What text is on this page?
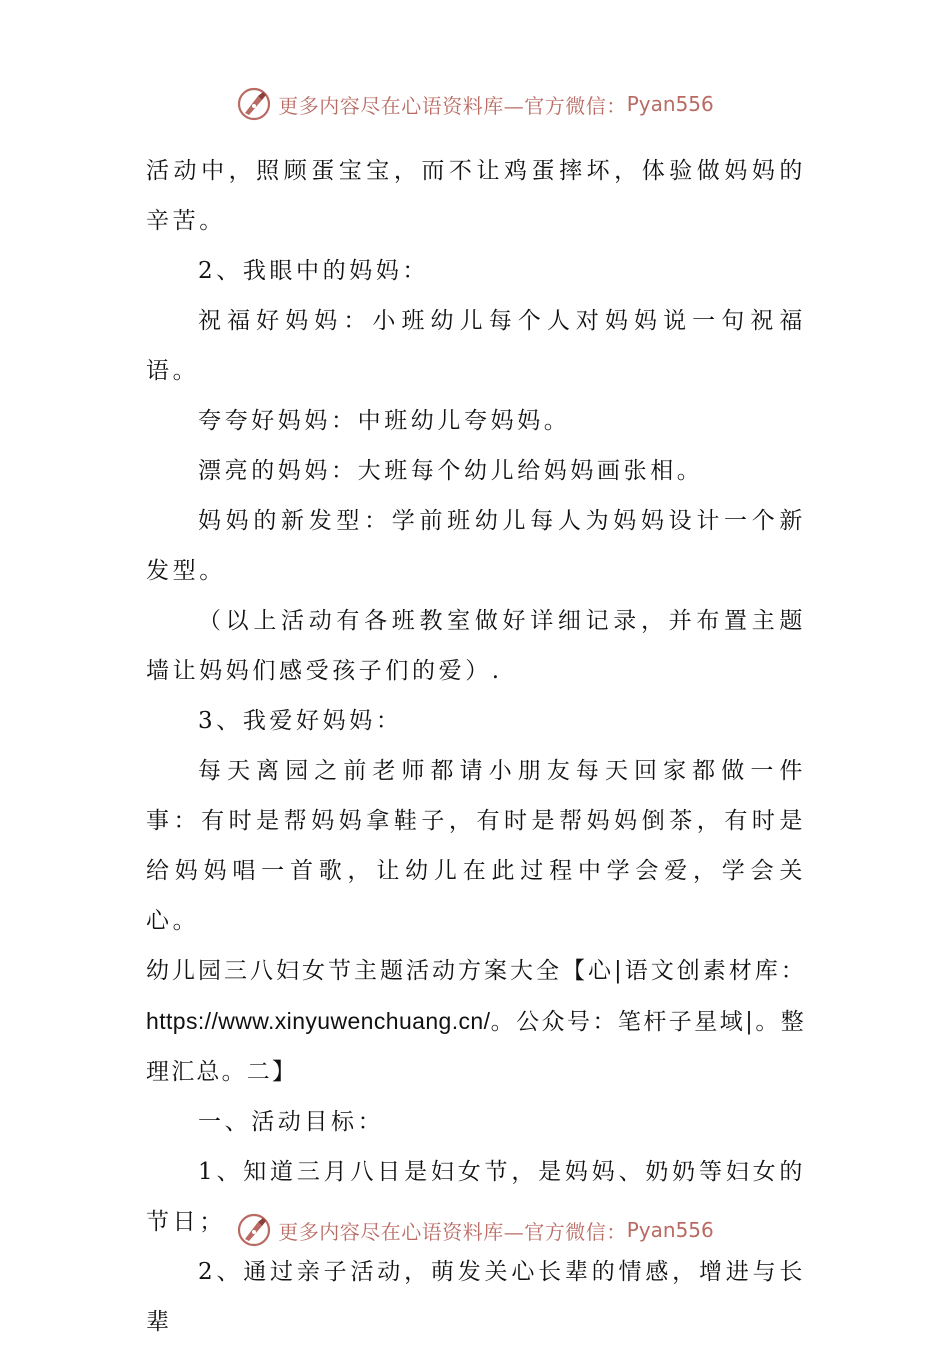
更多内容尽在心语资料库—官方微信： Pyan556

活动中，照顾蛋宝宝，而不让鸡蛋摔坏，体验做妈妈的辛苦。

2、我眼中的妈妈：

祝福好妈妈：小班幼儿每个人对妈妈说一句祝福语。

夸夸好妈妈：中班幼儿夸妈妈。

漂亮的妈妈：大班每个幼儿给妈妈画张相。

妈妈的新发型：学前班幼儿每人为妈妈设计一个新发型。

（以上活动有各班教室做好详细记录，并布置主题墙让妈妈们感受孩子们的爱）.

3、我爱好妈妈：

每天离园之前老师都请小朋友每天回家都做一件事：有时是帮妈妈拿鞋子，有时是帮妈妈倒茶，有时是给妈妈唱一首歌，让幼儿在此过程中学会爱，学会关心。

幼儿园三八妇女节主题活动方案大全【心|语文创素材库：https://www.xinyuwenchuang.cn/。公众号：笔杆子星域|。整理汇总。二】

一、活动目标：

1、知道三月八日是妇女节，是妈妈、奶奶等妇女的节日；

2、通过亲子活动，萌发关心长辈的情感，增进与长辈

更多内容尽在心语资料库—官方微信： Pyan556
